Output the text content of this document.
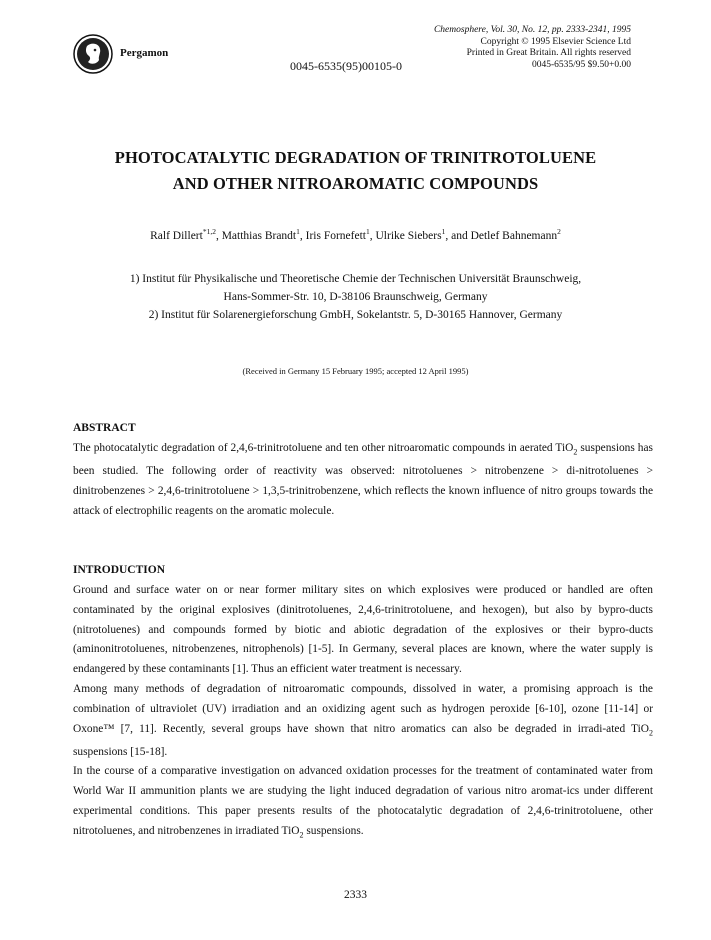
Pergamon
0045-6535(95)00105-0
Chemosphere, Vol. 30, No. 12, pp. 2333-2341, 1995
Copyright © 1995 Elsevier Science Ltd
Printed in Great Britain. All rights reserved
0045-6535/95 $9.50+0.00
PHOTOCATALYTIC DEGRADATION OF TRINITROTOLUENE
AND OTHER NITROAROMATIC COMPOUNDS
Ralf Dillert$^{*1,2}$, Matthias Brandt$^1$, Iris Fornefett$^1$, Ulrike Siebers$^1$, and Detlef Bahnemann$^2$
1) Institut für Physikalische und Theoretische Chemie der Technischen Universität Braunschweig,
Hans-Sommer-Str. 10, D-38106 Braunschweig, Germany
2) Institut für Solarenergieforschung GmbH, Sokelantstr. 5, D-30165 Hannover, Germany
(Received in Germany 15 February 1995; accepted 12 April 1995)
ABSTRACT

The photocatalytic degradation of 2,4,6-trinitrotoluene and ten other nitroaromatic compounds in aerated TiO$_2$ suspensions has been studied. The following order of reactivity was observed: nitrotoluenes > nitrobenzene > di-nitrotoluenes > dinitrobenzenes > 2,4,6-trinitrotoluene > 1,3,5-trinitrobenzene, which reflects the known influence of nitro groups towards the attack of electrophilic reagents on the aromatic molecule.

INTRODUCTION

Ground and surface water on or near former military sites on which explosives were produced or handled are often contaminated by the original explosives (dinitrotoluenes, 2,4,6-trinitrotoluene, and hexogen), but also by bypro-ducts (nitrotoluenes) and compounds formed by biotic and abiotic degradation of the explosives or their bypro-ducts (aminonitrotoluenes, nitrobenzenes, nitrophenols) [1-5]. In Germany, several places are known, where the water supply is endangered by these contaminants [1]. Thus an efficient water treatment is necessary.

Among many methods of degradation of nitroaromatic compounds, dissolved in water, a promising approach is the combination of ultraviolet (UV) irradiation and an oxidizing agent such as hydrogen peroxide [6-10], ozone [11-14] or Oxone™ [7, 11]. Recently, several groups have shown that nitro aromatics can also be degraded in irradi-ated TiO$_2$ suspensions [15-18].

In the course of a comparative investigation on advanced oxidation processes for the treatment of contaminated water from World War II ammunition plants we are studying the light induced degradation of various nitro aromat-ics under different experimental conditions. This paper presents results of the photocatalytic degradation of 2,4,6-trinitrotoluene, other nitrotoluenes, and nitrobenzenes in irradiated TiO$_2$ suspensions.

2333
